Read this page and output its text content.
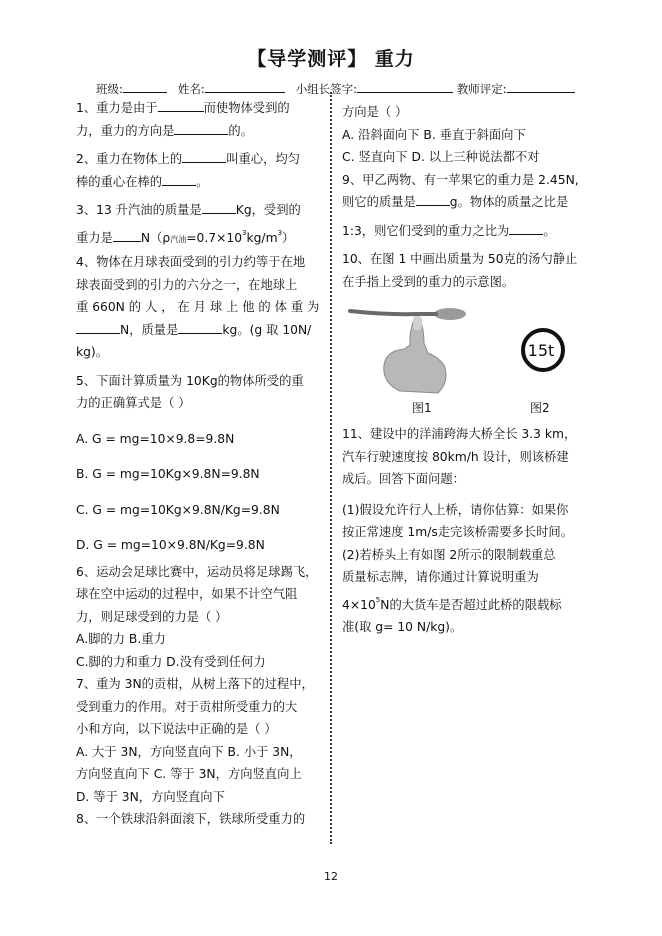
【导学测评】 重力
班级:	姓名:	小组长签字:	教师评定:

1、重力是由于	而使物体受到的

力，重力的方向是	的。

2、重力在物体上的	叫重心，均匀

棒的重心在棒的	。

3、13 升汽油的质量是	Kg，受到的

重力是 N（ρ汽油$=0.7\times 10^3kg/m^3$）

4、物体在月球表面受到的引力约等于在地

球表面受到的引力的六分之一，在地球上

重 660N 的 人 ， 在 月 球 上 他 的 体 重 为

N，质量是	kg。(g 取 10N/

kg)。

5、下面计算质量为 10Kg的物体所受的重

力的正确算式是（ ）

A. G = mg=10×9.8=9.8N

B. G = mg=10Kg×9.8N=9.8N

C. G = mg=10Kg×9.8N/Kg=9.8N

D. G = mg=10×9.8N/Kg=9.8N

6、运动会足球比赛中，运动员将足球踢飞，

球在空中运动的过程中，如果不计空气阻

力，则足球受到的力是（ ）

A.脚的力 B.重力

C.脚的力和重力 D.没有受到任何力

7、重为 3N的贡柑，从树上落下的过程中，

受到重力的作用。对于贡柑所受重力的大

小和方向，以下说法中正确的是（ ）

A. 大于 3N，方向竖直向下 B. 小于 3N，

方向竖直向下 C. 等于 3N，方向竖直向上

D. 等于 3N，方向竖直向下

8、一个铁球沿斜面滚下，铁球所受重力的

方向是（ ）

A. 沿斜面向下 B. 垂直于斜面向下

C. 竖直向下 D. 以上三种说法都不对

9、甲乙两物、有一苹果它的重力是 2.45N,

则它的质量是	g。物体的质量之比是

1:3，则它们受到的重力之比为	。

10、在图 1 中画出质量为 50克的汤勺静止

在手指上受到的重力的示意图。

15t
图1	图2

11、建设中的洋浦跨海大桥全长 3.3 km，

汽车行驶速度按 80km/h 设计，则该桥建

成后。回答下面问题：

(1)假设允许行人上桥，请你估算：如果你

按正常速度 1m/s走完该桥需要多长时间。

(2)若桥头上有如图 2所示的限制载重总

质量标志牌，请你通过计算说明重为

$4\times 10^5N$的大货车是否超过此桥的限载标

准(取 g= 10 N/kg)。

12
